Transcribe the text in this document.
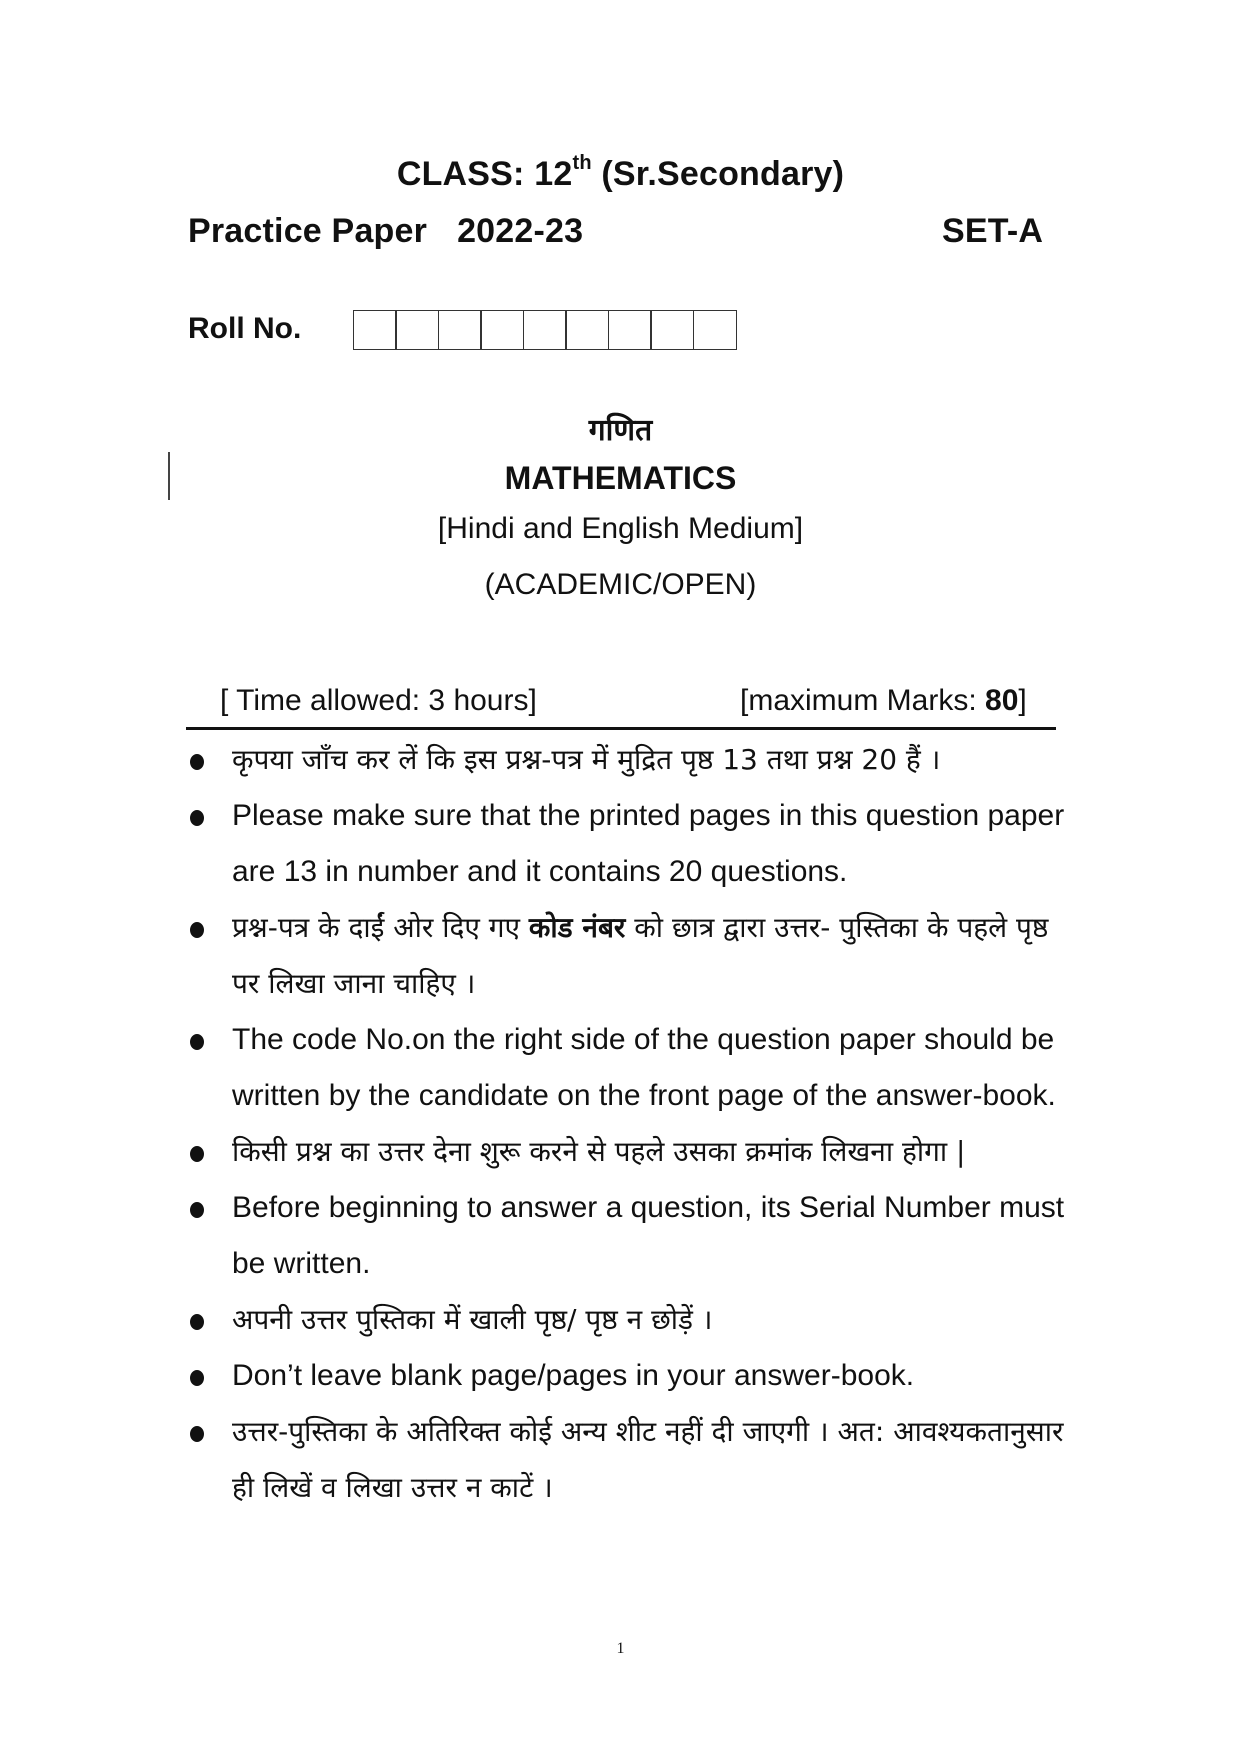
CLASS: 12th (Sr.Secondary)
Practice Paper 2022-23	SET-A
Roll No.
गणित
MATHEMATICS
[Hindi and English Medium]
(ACADEMIC/OPEN)
[ Time allowed: 3 hours]	[maximum Marks: 80]
कृपया जाँच कर लें कि इस प्रश्न-पत्र में मुद्रित पृष्ठ 13 तथा प्रश्न 20 हैं ।
Please make sure that the printed pages in this question paper are 13 in number and it contains 20 questions.
प्रश्न-पत्र के दाईं ओर दिए गए कोड नंबर को छात्र द्वारा उत्तर- पुस्तिका के पहले पृष्ठ पर लिखा जाना चाहिए ।
The code No.on the right side of the question paper should be written by the candidate on the front page of the answer-book.
किसी प्रश्न का उत्तर देना शुरू करने से पहले उसका क्रमांक लिखना होगा |
Before beginning to answer a question, its Serial Number must be written.
अपनी उत्तर पुस्तिका में खाली पृष्ठ/ पृष्ठ न छोड़ें ।
Don’t leave blank page/pages in your answer-book.
उत्तर-पुस्तिका के अतिरिक्त कोई अन्य शीट नहीं दी जाएगी । अत: आवश्यकतानुसार ही लिखें व लिखा उत्तर न काटें ।
1
